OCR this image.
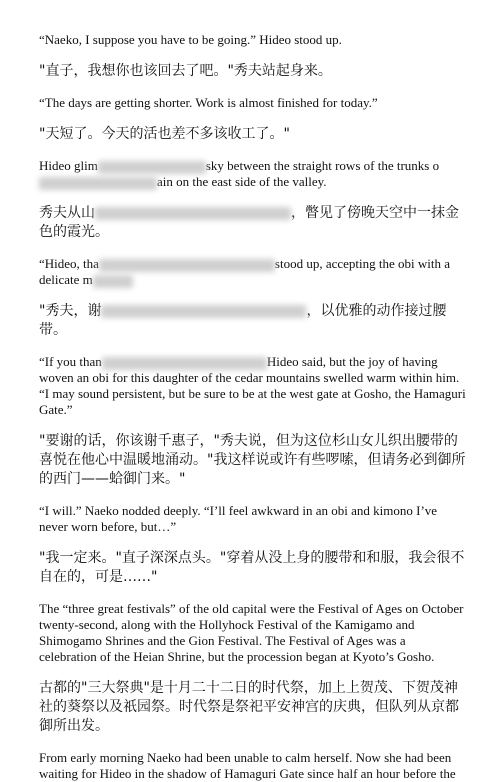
“Naeko, I suppose you have to be going.” Hideo stood up.

"直子，我想你也该回去了吧。"秀夫站起身来。

“The days are getting shorter. Work is almost finished for today.”

"天短了。今天的活也差不多该收工了。"

Hideo glim	sky between the straight rows of the trunks oain on the east side of the valley.

秀夫从山	，瞥见了傍晚天空中一抹金色的霞光。

“Hideo, tha	stood up, accepting the obi with a delicate m

"秀夫，谢	，以优雅的动作接过腰带。

“If you than	Hideo said, but the joy of having woven an obi for this daughter of the cedar mountains swelled warm within him. “I may sound persistent, but be sure to be at the west gate at Gosho, the Hamaguri Gate.”

"要谢的话，你该谢千惠子，"秀夫说，但为这位杉山女儿织出腰带的喜悦在他心中温暖地涌动。"我这样说或许有些啰嗦，但请务必到御所的西门——蛤御门来。"

“I will.” Naeko nodded deeply. “I’ll feel awkward in an obi and kimono I’ve never worn before, but…”

"我一定来。"直子深深点头。"穿着从没上身的腰带和和服，我会很不自在的，可是……"

The “three great festivals” of the old capital were the Festival of Ages on October twenty-second, along with the Hollyhock Festival of the Kamigamo and Shimogamo Shrines and the Gion Festival. The Festival of Ages was a celebration of the Heian Shrine, but the procession began at Kyoto’s Gosho.

古都的"三大祭典"是十月二十二日的时代祭，加上上贺茂、下贺茂神社的葵祭以及祇园祭。时代祭是祭祀平安神宫的庆典，但队列从京都御所出发。

From early morning Naeko had been unable to calm herself. Now she had been waiting for Hideo in the shadow of Hamaguri Gate since half an hour before the
